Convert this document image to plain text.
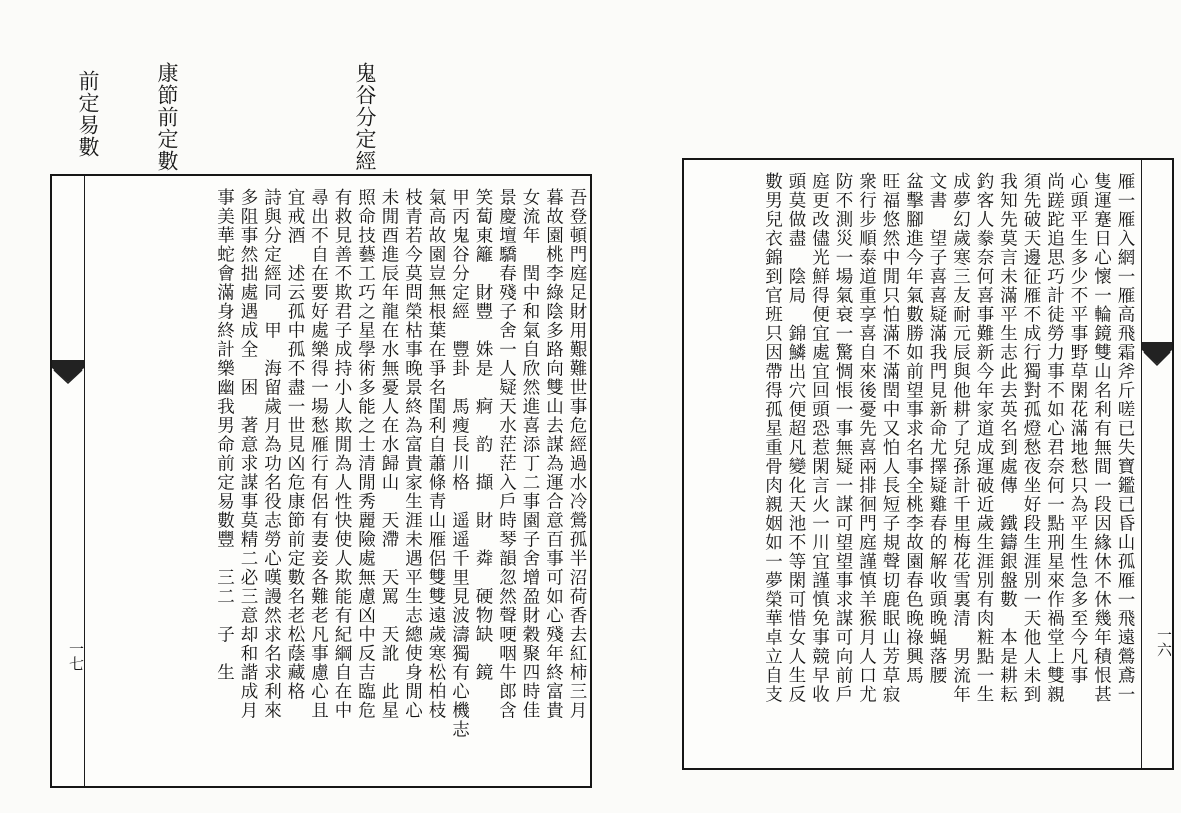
鬼谷分定經
康節前定數
前定易數
一七	吾登頓門庭足財用艱難世事危經過水冷鶯孤半沼荷香去紅柿三月
暮故園桃李綠陰多路向雙山去謀為運合意百事可如心殘年終富貴
女流年　閏中和氣自欣然進喜添丁二事園子舍增盈財穀聚四時佳
景慶壇驕春殘子舍一人疑天水茫茫入戶時琴韻忽然聲哽咽牛郎含
笑蔔東籬　財豐　姝是　痾　䪨　擷　財　粦　硬物缺　鏡
甲丙鬼谷分定經　豐卦　馬瘦長川格　遥遥千里見波濤獨有心機志
氣高故園豈無根葉在爭名閨利自蕭條青山雁侶雙雙遠歲寒松柏枝
枝青若今莫問榮枯事晚景終為富貴家生涯未遇平生志總使身閒心
未閒酉進辰年龍在水無憂人在水歸山　天滯　天罵　天訛　此星
照命技藝工巧之星學術多能之士清閒秀麗險處無慮凶中反吉臨危
有救見善不欺君子成持小人欺閒為人性快使人欺能有紀綱自在中
尋出不自在要好處樂得一場愁雁行有侶有妻妾各難老凡事慮心且
宜戒酒　述云孤中孤不盡一世見凶危康節前定數名老松蔭藏格
詩與分定經同　甲　海留歲月為功名役志勞心嘆謾然求名求利來
多阻事然拙處遇成全　困　著意求謀事莫精二必三意却和諧成月
事美華蛇會滿身終計樂幽我男命前定易數豐　三二　子　生	雁一雁入網一雁高飛霜斧斤嗟已失寶鑑已昏山孤雁一飛遠鶯鳶一
隻運蹇日心懷一輪鏡雙山名利有無間一段因緣休不休幾年積恨甚
心頭平生多少不平事野草閑花滿地愁只為平生性急多至今凡事
尚蹉跎追思巧計徒勞力事不如心君奈何一點刑星來作禍堂上雙親
須先破天邊征雁不成行獨對孤燈愁夜坐好段生涯別一天他人未到
我知先莫言未滿平生志此去英名到處傳　鐵鑄銀盤數　本是耕耘
釣客人豢奈何喜事難新今年家道成運破近歲生涯別有肉粧點一生
成夢幻歲寒三友耐元辰與他耕了兒孫計千里梅花雪裏清　男流年
文書　望子喜喜疑滿我門見新命尤擇疑雞春的解收頭晚蝇落腰
盆擊腳進今年氣數勝如前望事求名事全桃李故園春色晚祿興馬
旺福悠然中閒只怕滿不滿閏中又怕人長短子規聲切鹿眠山芳草寂
衆行步順泰道重享喜自來後憂先喜兩排徊門庭謹慎羊猴月人口尤
防不測災一場氣衰一驚惆悵一事無疑一謀可望望事求謀可向前戶
庭更改儘光鮮得便宜處宜回頭恐惹閑言火一川宜謹慎免事競早收
頭莫做盡　陰局　錦鱗出穴便超凡變化天池不等閑可惜女人生反
數男兒衣錦到官班只因帶得孤星重骨肉親姻如一夢榮華卓立自支	一六
